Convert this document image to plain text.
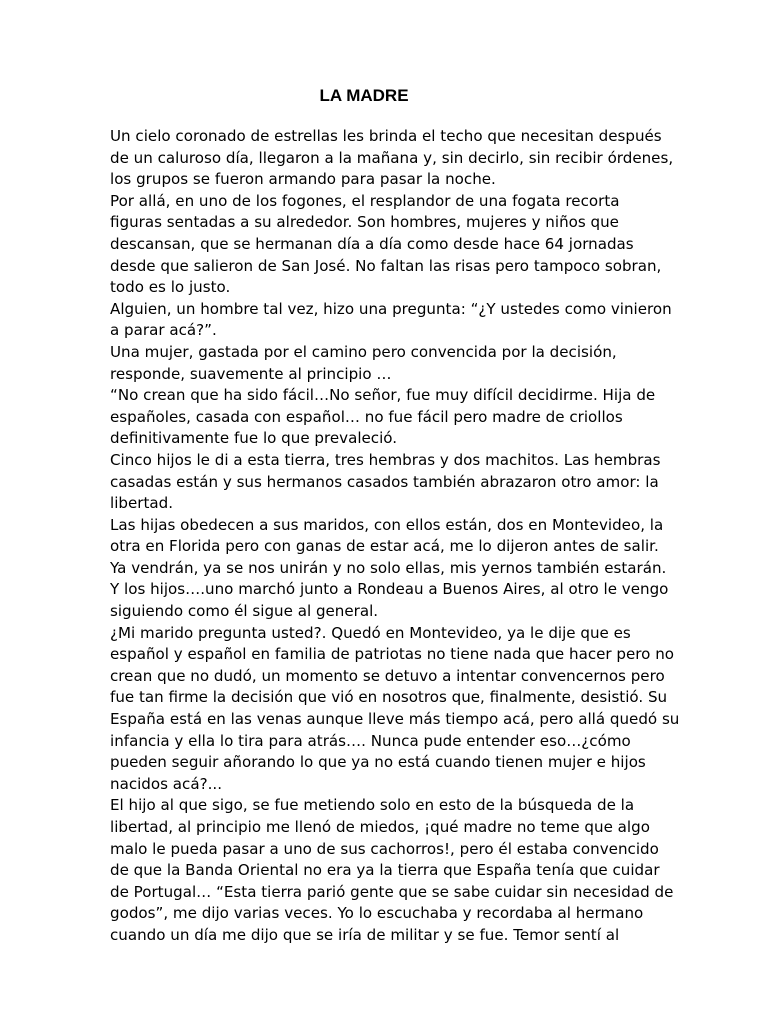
LA MADRE
Un cielo coronado de estrellas les brinda el techo que necesitan después
de un caluroso día, llegaron a la mañana y, sin decirlo, sin recibir órdenes,
los grupos se fueron armando para pasar la noche.
Por allá, en uno de los fogones, el resplandor de una fogata recorta
figuras sentadas a su alrededor. Son hombres, mujeres y niños que
descansan, que se hermanan día a día como desde hace 64 jornadas
desde que salieron de San José. No faltan las risas pero tampoco sobran,
todo es lo justo.
Alguien, un hombre tal vez, hizo una pregunta: “¿Y ustedes como vinieron
a parar acá?”.
Una mujer, gastada por el camino pero convencida por la decisión,
responde, suavemente al principio …
“No crean que ha sido fácil…No señor, fue muy difícil decidirme. Hija de
españoles, casada con español… no fue fácil pero madre de criollos
definitivamente fue lo que prevaleció.
Cinco hijos le di a esta tierra, tres hembras y dos machitos. Las hembras
casadas están y sus hermanos casados también abrazaron otro amor: la
libertad.
Las hijas obedecen a sus maridos, con ellos están, dos en Montevideo, la
otra en Florida pero con ganas de estar acá, me lo dijeron antes de salir.
Ya vendrán, ya se nos unirán y no solo ellas, mis yernos también estarán.
Y los hijos….uno marchó junto a Rondeau a Buenos Aires, al otro le vengo
siguiendo como él sigue al general.
¿Mi marido pregunta usted?. Quedó en Montevideo, ya le dije que es
español y español en familia de patriotas no tiene nada que hacer pero no
crean que no dudó, un momento se detuvo a intentar convencernos pero
fue tan firme la decisión que vió en nosotros que, finalmente, desistió. Su
España está en las venas aunque lleve más tiempo acá, pero allá quedó su
infancia y ella lo tira para atrás…. Nunca pude entender eso…¿cómo
pueden seguir añorando lo que ya no está cuando tienen mujer e hijos
nacidos acá?...
El hijo al que sigo, se fue metiendo solo en esto de la búsqueda de la
libertad, al principio me llenó de miedos, ¡qué madre no teme que algo
malo le pueda pasar a uno de sus cachorros!, pero él estaba convencido
de que la Banda Oriental no era ya la tierra que España tenía que cuidar
de Portugal… “Esta tierra parió gente que se sabe cuidar sin necesidad de
godos”, me dijo varias veces. Yo lo escuchaba y recordaba al hermano
cuando un día me dijo que se iría de militar y se fue. Temor sentí al
